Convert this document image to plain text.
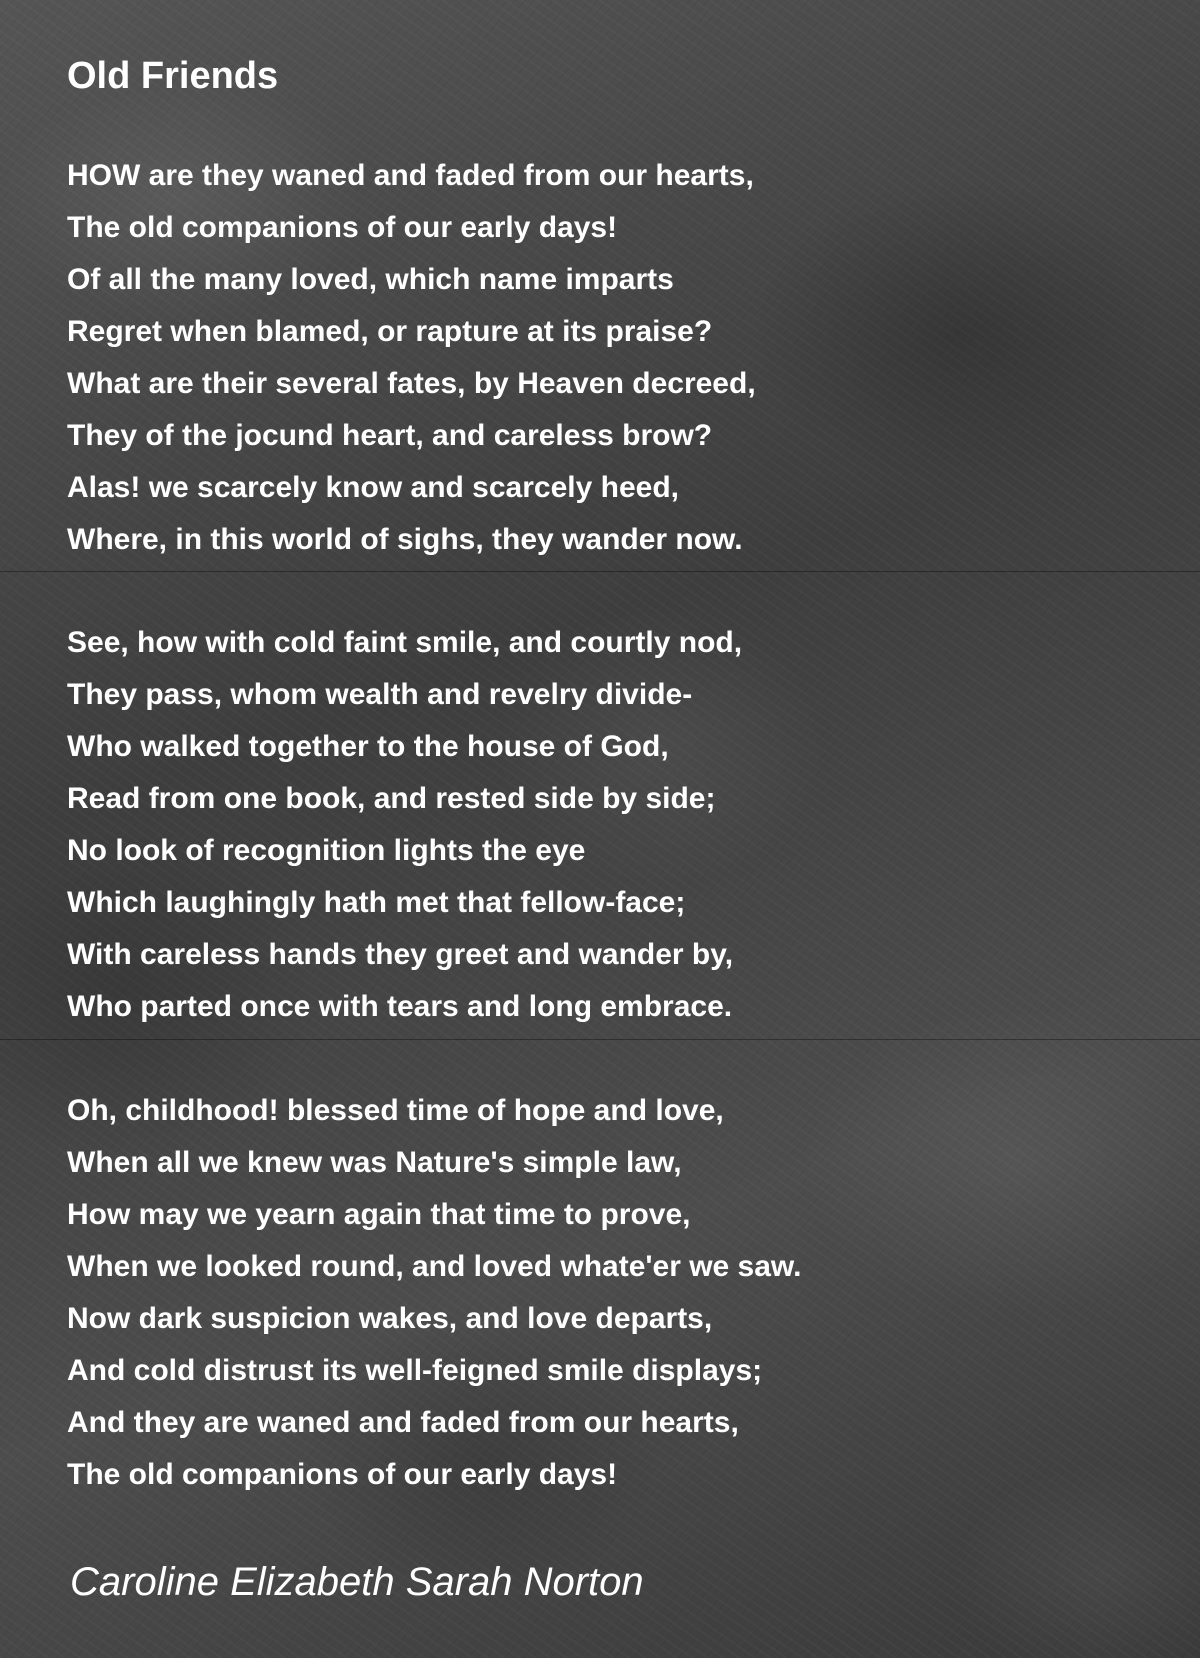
Old Friends
HOW are they waned and faded from our hearts,
The old companions of our early days!
Of all the many loved, which name imparts
Regret when blamed, or rapture at its praise?
What are their several fates, by Heaven decreed,
They of the jocund heart, and careless brow?
Alas! we scarcely know and scarcely heed,
Where, in this world of sighs, they wander now.
See, how with cold faint smile, and courtly nod,
They pass, whom wealth and revelry divide-
Who walked together to the house of God,
Read from one book, and rested side by side;
No look of recognition lights the eye
Which laughingly hath met that fellow-face;
With careless hands they greet and wander by,
Who parted once with tears and long embrace.
Oh, childhood! blessed time of hope and love,
When all we knew was Nature's simple law,
How may we yearn again that time to prove,
When we looked round, and loved whate'er we saw.
Now dark suspicion wakes, and love departs,
And cold distrust its well-feigned smile displays;
And they are waned and faded from our hearts,
The old companions of our early days!

Caroline Elizabeth Sarah Norton
